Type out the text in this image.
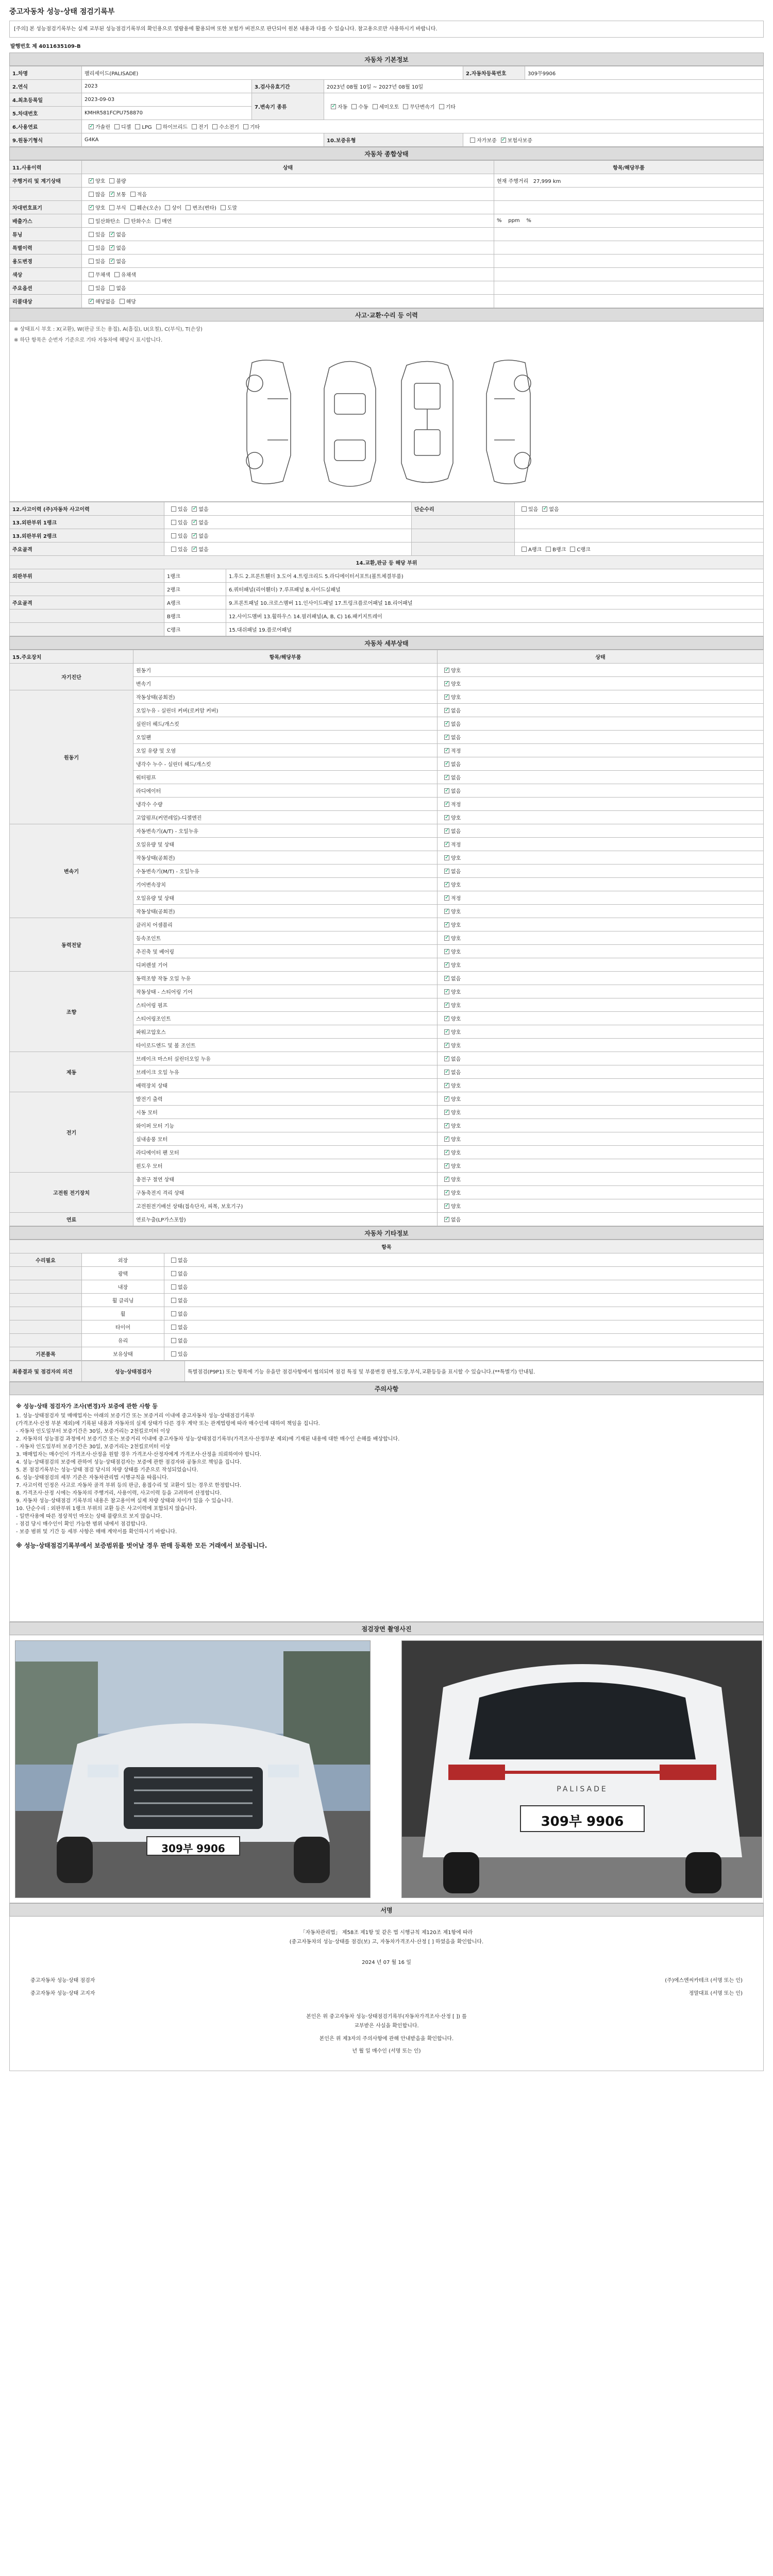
중고자동차 성능·상태 점검기록부
[주의] 본 성능점검기록부는 실제 교부된 성능점검기록부의 확인용으로 열람용에 활용되며 또한 보험가 버전으로 판단되어 원본 내용과 다를 수 있습니다. 참고용으로만 사용하시기 바랍니다.
발행번호 제 4011635109-B
자동차 기본정보
1.차명	팰리세이드(PALISADE)			2.자동차등록번호	309무9906
2.연식	2023	3.검사유효기간	2023년 08월 10일 ~ 2027년 08월 10일		
4.최초등록일	2023-09-03	7.변속기 종류	✓자동 수동 세미오토 무단변속기 기타
5.차대번호	KMHR581FCPU758870				
6.사용연료	✓가솔린 디젤 LPG 하이브리드 전기 수소전기 기타
9.원동기형식	G4KA		10.보증유형	자가보증 ✓ 보험사보증
자동차 종합상태
11.사용이력	상태	항목/해당부품
주행거리 및 계기상태	✓양호 불량	현재 주행거리 27,999 km
	많음 ✓ 보통 적음	
차대번호표기	✓양호 부식 훼손(오손) 상이 변조(변타) 도말	
배출가스	일산화탄소 탄화수소 매연	% ppm %
튜닝	있음 ✓ 없음	
특별이력	있음 ✓ 없음	
용도변경	있음 ✓ 없음	
색상	무채색 유채색	
주요옵션	있음 없음	
리콜대상	✓해당없음 해당	
사고·교환·수리 등 이력
※ 상태표시 부호 : X(교환), W(판금 또는 용접), A(흠집), U(요철), C(부식), T(손상)
※ 하단 항목은 순번자 기준으로 기타 자동차에 해당시 표시합니다.
12.사고이력 (주)자동차 사고이력	있음 ✓ 없음		단순수리	있음 ✓ 없음
13.외판부위 1랭크	있음 ✓ 없음		
13.외판부위 2랭크	있음 ✓ 없음		
주요골격	있음 ✓ 없음			A랭크 B랭크 C랭크
14.교환,판금 등 해당 부위				
외판부위	1랭크	1.후드 2.프론트휀더 3.도어 4.트렁크리드 5.라디에이터서포트(볼트체결부품)		
	2랭크	6.쿼터패널(리어휀더) 7.루프패널 8.사이드실패널		
주요골격	A랭크	9.프론트패널 10.크로스멤버 11.인사이드패널 17.트렁크플로어패널 18.리어패널		
	B랭크	12.사이드멤버 13.휠하우스 14.필러패널(A, B, C) 16.패키지트레이		
	C랭크	15.대쉬패널 19.플로어패널		
자동차 세부상태
15.주요장치	항목/해당부품	상태
자기진단	원동기	✓양호
	변속기	✓양호
원동기	작동상태(공회전)	✓양호
	오일누유 - 실린더 커버(로커암 커버)	✓없음
	실린더 헤드/개스킷	✓없음
	오일팬	✓없음
	오일 유량 및 오염	✓적정
	냉각수 누수 - 실린더 헤드/개스킷	✓없음
	워터펌프	✓없음
	라디에이터	✓없음
	냉각수 수량	✓적정
	고압펌프(커먼레일)-디젤엔진	✓양호
변속기	자동변속기(A/T) - 오일누유	✓없음
	오일유량 및 상태	✓적정
	작동상태(공회전)	✓양호
	수동변속기(M/T) - 오일누유	✓없음
	기어변속장치	✓양호
	오일유량 및 상태	✓적정
	작동상태(공회전)	✓양호
동력전달	클러치 어셈블리	✓양호
	등속조인트	✓양호
	추진축 및 베어링	✓양호
	디퍼렌셜 기어	✓양호
조향	동력조향 작동 오일 누유	✓없음
	작동상태 - 스티어링 기어	✓양호
	스티어링 펌프	✓양호
	스티어링조인트	✓양호
	파워고압호스	✓양호
	타이로드엔드 및 볼 조인트	✓양호
제동	브레이크 마스터 실린더오일 누유	✓없음
	브레이크 오일 누유	✓없음
	배력장치 상태	✓양호
전기	발전기 출력	✓양호
	시동 모터	✓양호
	와이퍼 모터 기능	✓양호
	실내송풍 모터	✓양호
	라디에이터 팬 모터	✓양호
	윈도우 모터	✓양호
고전원 전기장치	충전구 절연 상태	✓양호
	구동축전지 격리 상태	✓양호
	고전원전기배선 상태(접속단자, 피복, 보호기구)	✓양호
연료	연료누출(LP가스포함)	✓없음
자동차 기타정보
항목		
수리필요	외장	없음
	광택	없음
	내장	없음
	휠 클리닝	없음
	휠	없음
	타이어	없음
	유리	없음
기본품목	보유상태	있음
최종결과 및 점검자의 의견	성능·상태점검자	특별점검(P9P1) 또는 항목에 기능 유을만 점검사항에서 협의되며 점검 특징 및 부품변경 판정,도장,부식,교환등등을 표시할 수 있습니다.(**특별기) 안내됨.
주의사항
※ 성능·상태 점검자가 조사(변경)자 보증에 관한 사항 등
1. 성능·상태점검자 및 매매업자는 아래의 보증기간 또는 보증거리 이내에 중고자동차 성능·상태점검기록부
(가격조사·산정 부분 제외)에 기록된 내용과 자동차의 실제 상태가 다른 경우 계약 또는 관계법령에 따라 매수인에 대하여 책임을 집니다.
- 자동차 인도일부터 보증기간은 30일, 보증거리는 2천킬로미터 이상
2. 자동차의 성능점검 과정에서 보증기간 또는 보증거리 이내에 중고자동차 성능·상태점검기록부(가격조사·산정부분 제외)에 기재된 내용에 대한 매수인 손해를 배상합니다.
- 자동차 인도일부터 보증기간은 30일, 보증거리는 2천킬로미터 이상
3. 매매업자는 매수인이 가격조사·산정을 원할 경우 가격조사·산정자에게 가격조사·산정을 의뢰하여야 합니다.
4. 성능·상태점검의 보증에 관하여 성능·상태점검자는 보증에 관한 점검자와 공동으로 책임을 집니다.
5. 본 점검기록부는 성능·상태 점검 당시의 차량 상태를 기준으로 작성되었습니다.
6. 성능·상태점검의 세부 기준은 자동차관리법 시행규칙을 따릅니다.
7. 사고이력 인정은 사고로 자동차 골격 부위 등의 판금, 용접수리 및 교환이 있는 경우로 한정합니다.
8. 가격조사·산정 시에는 자동차의 주행거리, 사용이력, 사고이력 등을 고려하여 산정합니다.
9. 자동차 성능·상태점검 기록부의 내용은 참고용이며 실제 차량 상태와 차이가 있을 수 있습니다.
10. 단순수리 : 외판부위 1랭크 부위의 교환 등은 사고이력에 포함되지 않습니다.
- 일반사용에 따른 정상적인 마모는 상태 불량으로 보지 않습니다.
- 점검 당시 매수인이 확인 가능한 범위 내에서 점검합니다.
- 보증 범위 및 기간 등 세부 사항은 매매 계약서를 확인하시기 바랍니다.
※ 성능·상태점검기록부에서 보증범위를 벗어날 경우 판매 등록한 모든 거래에서 보증됩니다.
점검장면 촬영사진
309부 9906
PALISADE
309부 9906
서명
「자동차관리법」 제58조 제1항 및 같은 법 시행규칙 제120조 제1항에 따라
(중고자동차의 성능·상태를 점검(보) 고, 자동차가격조사·산정 [ ] 하였음을 확인합니다.
2024 년 07 월 16 일
중고자동차 성능·상태 점검자	(주)에스엔씨카테크 (서명 또는 인)
중고자동차 성능·상태 고지자	정말대표 (서명 또는 인)
본인은 위 중고자동차 성능·상태점검기록부(자동차가격조사·산정 [ ]) 를
교부받은 사실을 확인합니다.
본인은 위 제3자의 주의사항에 관해 안내받음을 확인합니다.
년 월 일 매수인 (서명 또는 인)
